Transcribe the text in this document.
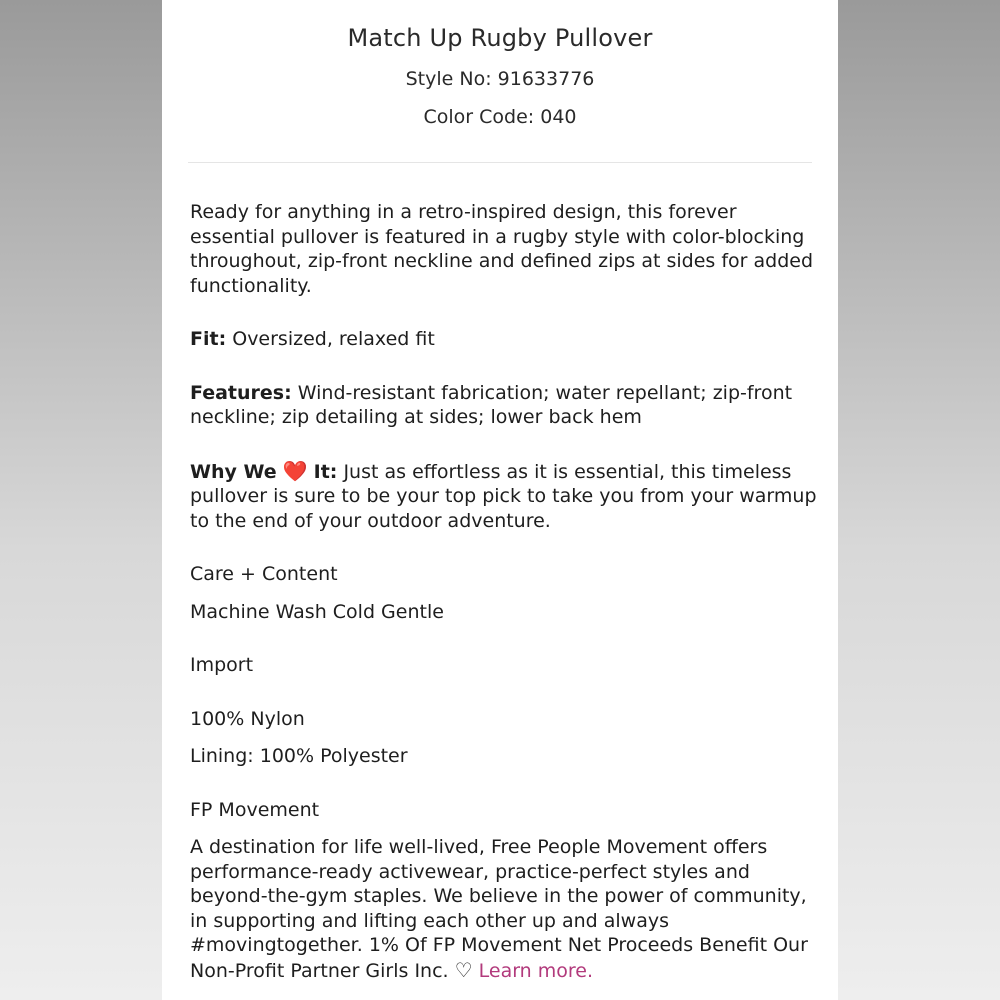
Match Up Rugby Pullover
Style No: 91633776
Color Code: 040

Ready for anything in a retro-inspired design, this forever essential pullover is featured in a rugby style with color-blocking throughout, zip-front neckline and defined zips at sides for added functionality.

Fit: Oversized, relaxed fit

Features: Wind-resistant fabrication; water repellant; zip-front neckline; zip detailing at sides; lower back hem

Why We ❤️ It: Just as effortless as it is essential, this timeless pullover is sure to be your top pick to take you from your warmup to the end of your outdoor adventure.

Care + Content

Machine Wash Cold Gentle

Import

100% Nylon

Lining: 100% Polyester

FP Movement

A destination for life well-lived, Free People Movement offers performance-ready activewear, practice-perfect styles and beyond-the-gym staples. We believe in the power of community, in supporting and lifting each other up and always #movingtogether. 1% Of FP Movement Net Proceeds Benefit Our Non-Profit Partner Girls Inc. ♡ Learn more.
